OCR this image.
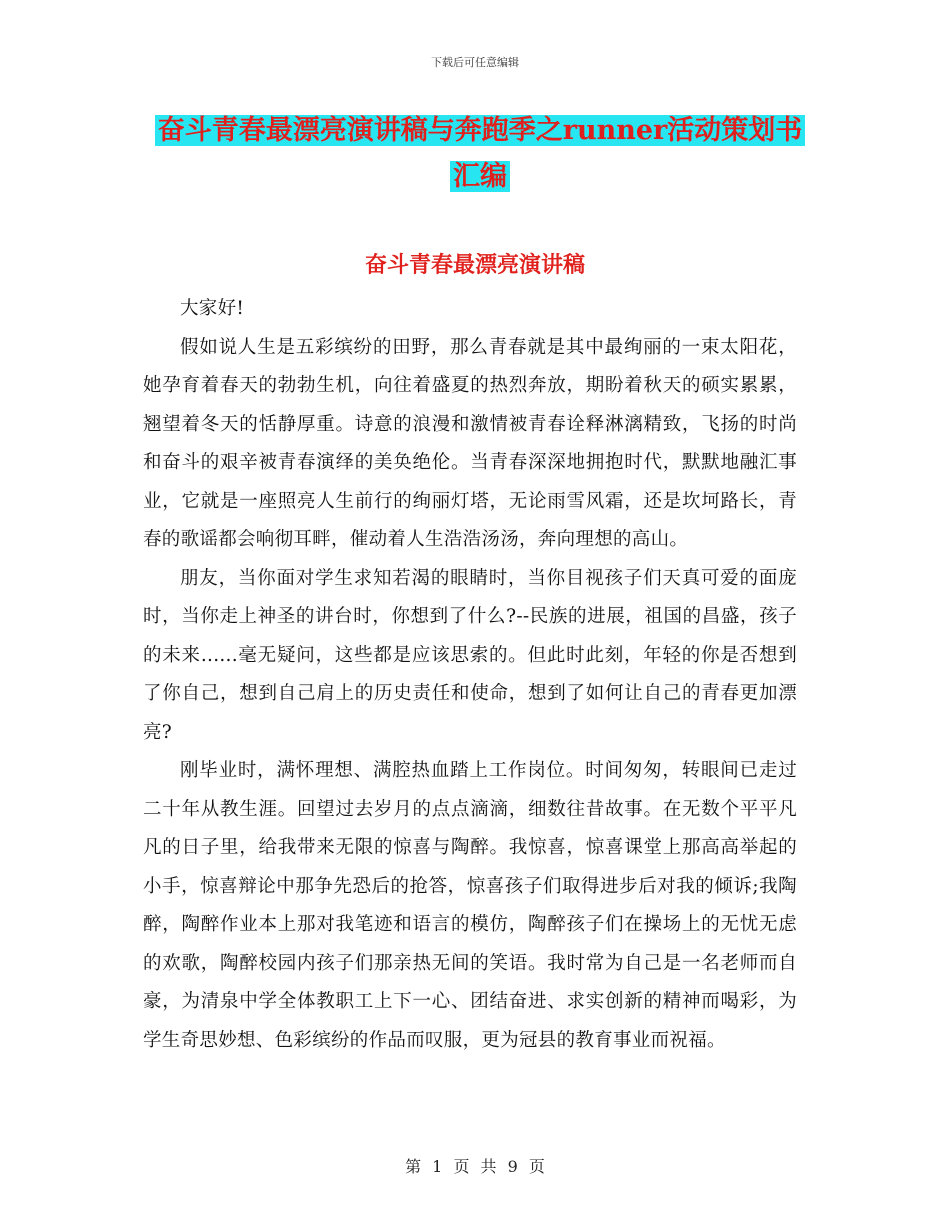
下载后可任意编辑
奋斗青春最漂亮演讲稿与奔跑季之runner活动策划书
汇编
奋斗青春最漂亮演讲稿

大家好!

假如说人生是五彩缤纷的田野，那么青春就是其中最绚丽的一束太阳花，她孕育着春天的勃勃生机，向往着盛夏的热烈奔放，期盼着秋天的硕实累累，翘望着冬天的恬静厚重。诗意的浪漫和激情被青春诠释淋漓精致，飞扬的时尚和奋斗的艰辛被青春演绎的美奂绝伦。当青春深深地拥抱时代，默默地融汇事业，它就是一座照亮人生前行的绚丽灯塔，无论雨雪风霜，还是坎坷路长，青春的歌谣都会响彻耳畔，催动着人生浩浩汤汤，奔向理想的高山。

朋友，当你面对学生求知若渴的眼睛时，当你目视孩子们天真可爱的面庞时，当你走上神圣的讲台时，你想到了什么?--民族的进展，祖国的昌盛，孩子的未来......毫无疑问，这些都是应该思索的。但此时此刻，年轻的你是否想到了你自己，想到自己肩上的历史责任和使命，想到了如何让自己的青春更加漂亮?

刚毕业时，满怀理想、满腔热血踏上工作岗位。时间匆匆，转眼间已走过二十年从教生涯。回望过去岁月的点点滴滴，细数往昔故事。在无数个平平凡凡的日子里，给我带来无限的惊喜与陶醉。我惊喜，惊喜课堂上那高高举起的小手，惊喜辩论中那争先恐后的抢答，惊喜孩子们取得进步后对我的倾诉;我陶醉，陶醉作业本上那对我笔迹和语言的模仿，陶醉孩子们在操场上的无忧无虑的欢歌，陶醉校园内孩子们那亲热无间的笑语。我时常为自己是一名老师而自豪，为清泉中学全体教职工上下一心、团结奋进、求实创新的精神而喝彩，为学生奇思妙想、色彩缤纷的作品而叹服，更为冠县的教育事业而祝福。

第 1 页 共 9 页
